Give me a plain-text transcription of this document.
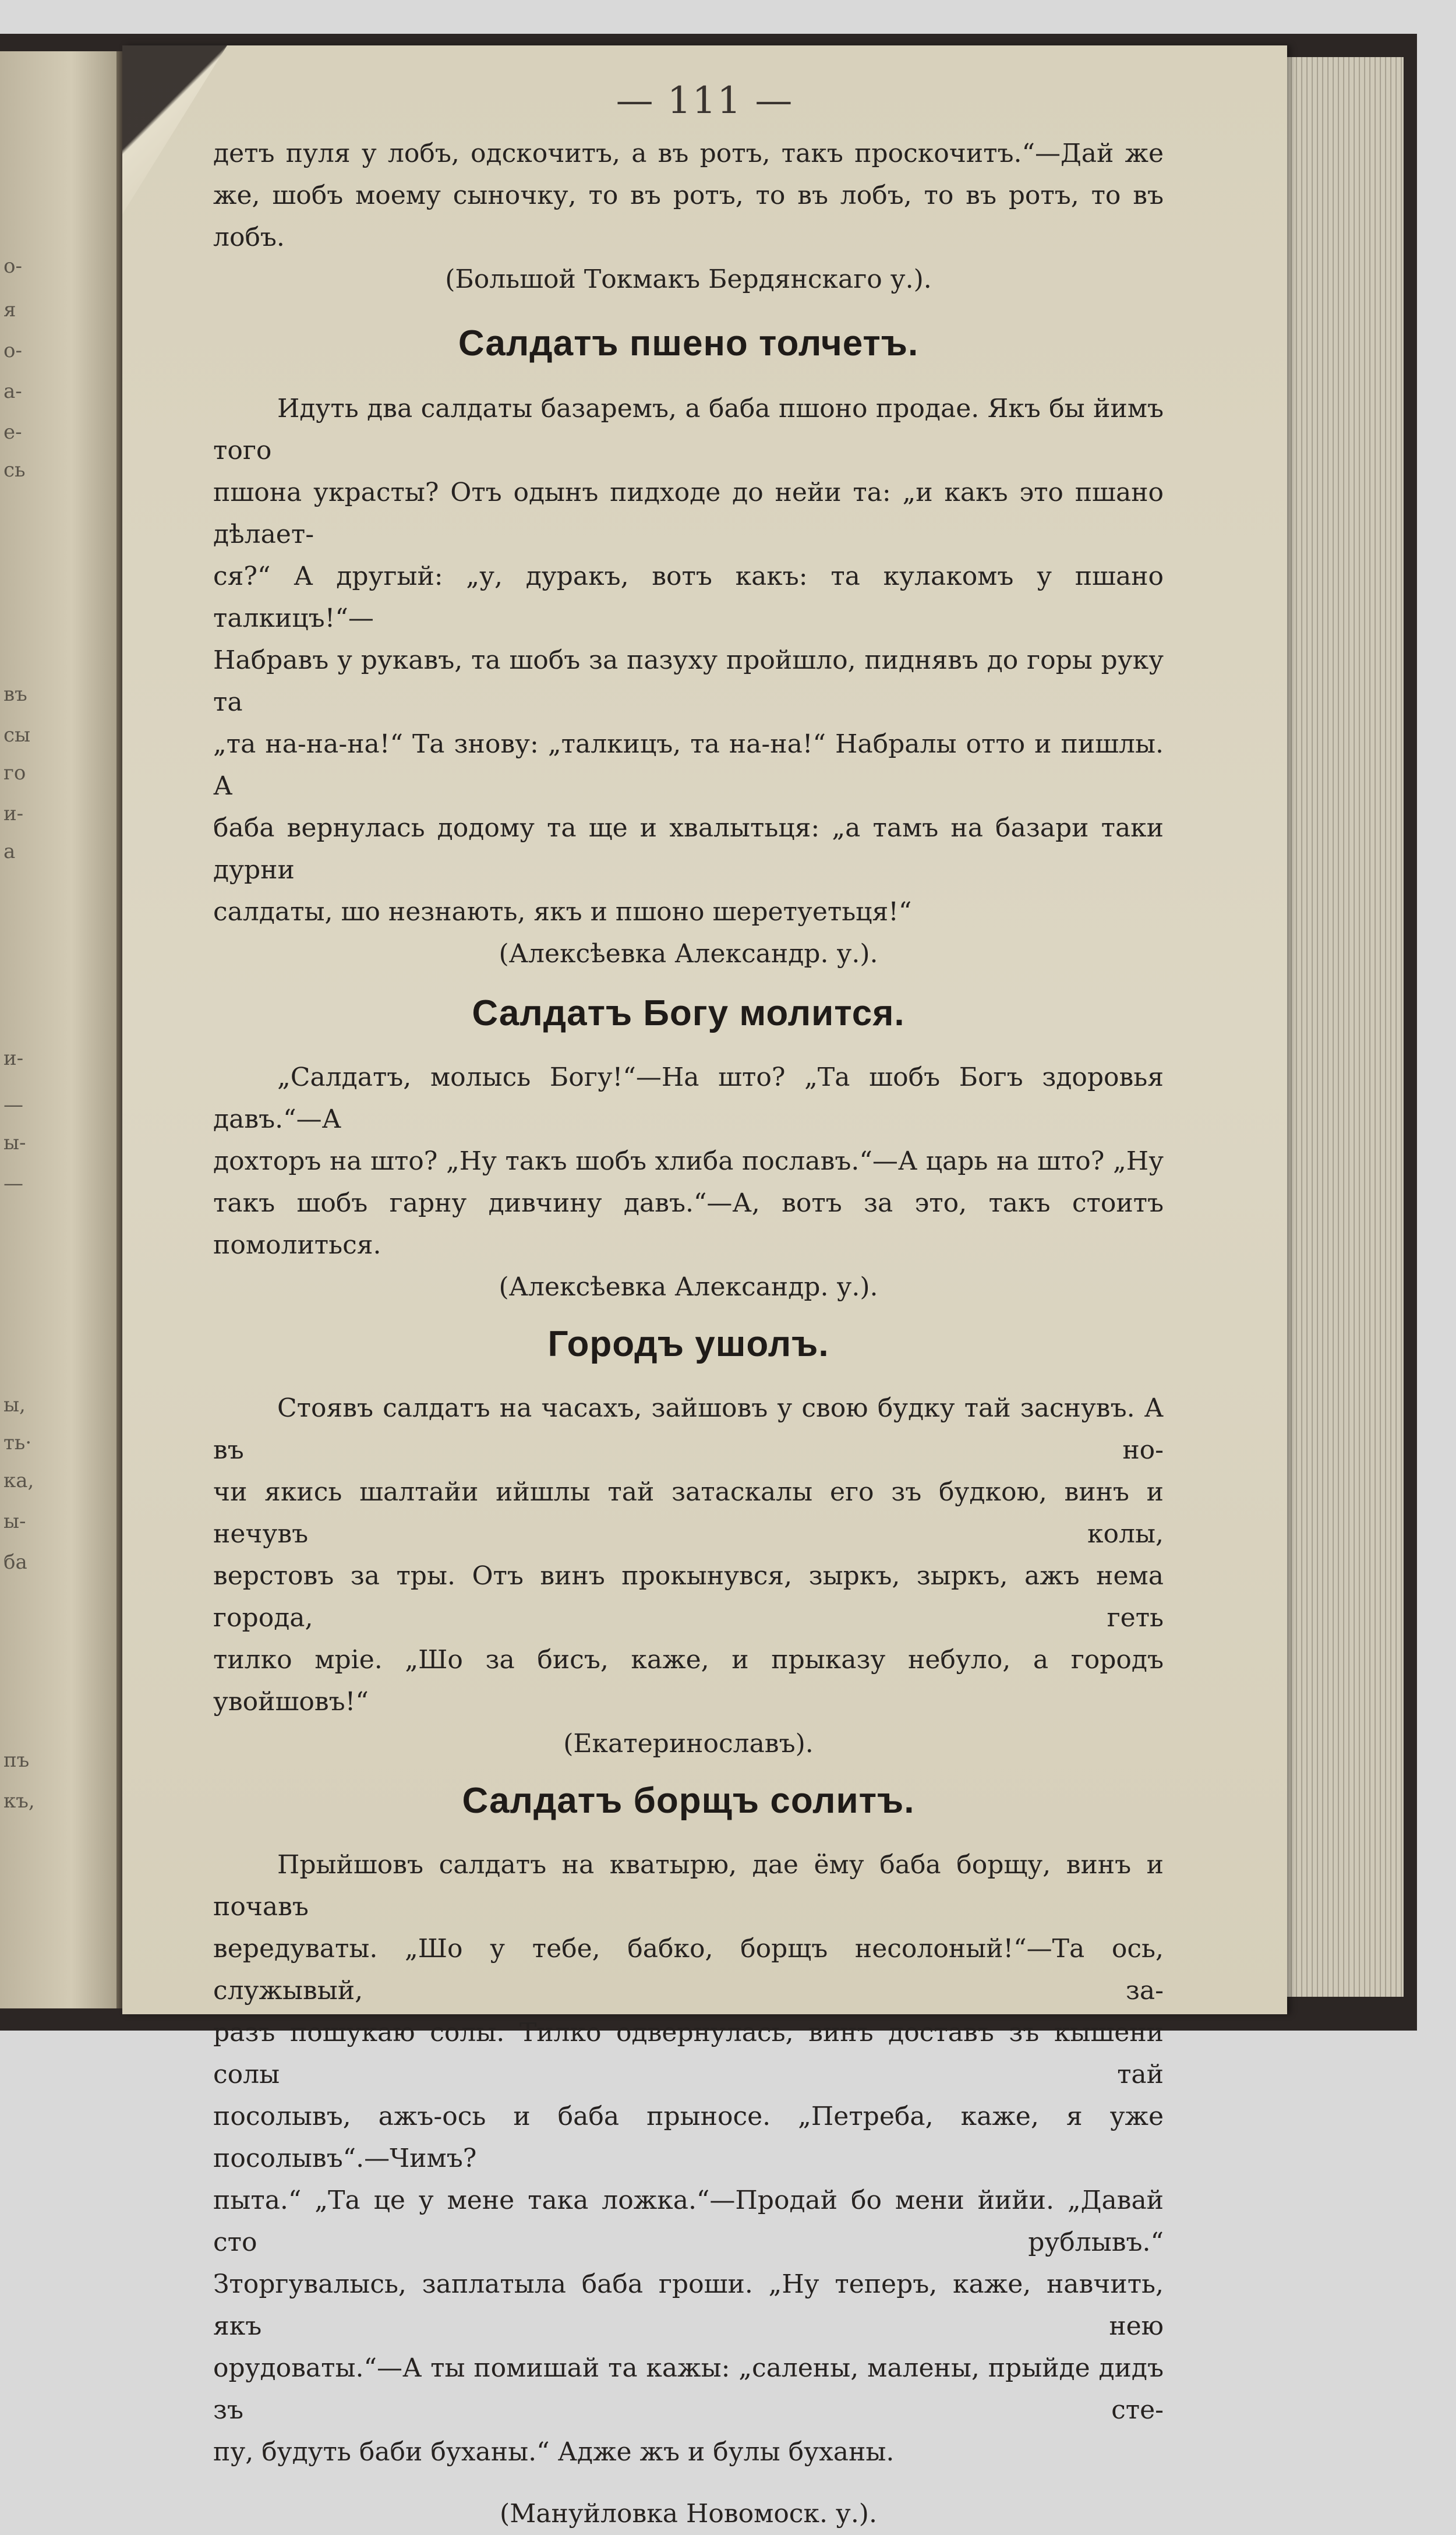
о-
я
о-
а-
е-
сь
въ
сы
го
и-
а
и-
—
ы-
—
ы,
ть·
ка,
ы-
ба
пъ
къ,
— 111 —

детъ пуля у лобъ, одскочитъ, а въ ротъ, такъ проскочитъ.“—Дай же
же, шобъ моему сыночку, то въ ротъ, то въ лобъ, то въ ротъ, то въ лобъ.

(Большой Токмакъ Бердянскаго у.).

Салдатъ пшено толчетъ.

Идуть два салдаты базаремъ, а баба пшоно продае. Якъ бы йимъ того
пшона украсты? Отъ одынъ пидходе до нейи та: „и какъ это пшано дѣлает-
ся?“ А другый: „у, дуракъ, вотъ какъ: та кулакомъ у пшано талкицъ!“—
Набравъ у рукавъ, та шобъ за пазуху пройшло, пиднявъ до горы руку та
„та на-на-на!“ Та знову: „талкицъ, та на-на!“ Набралы отто и пишлы. А
баба вернулась додому та ще и хвалытьця: „а тамъ на базари таки дурни
салдаты, шо незнають, якъ и пшоно шеретуетьця!“

(Алексѣевка Александр. у.).

Салдатъ Богу молится.

„Салдатъ, молысь Богу!“—На што? „Та шобъ Богъ здоровья давъ.“—А
дохторъ на што? „Ну такъ шобъ хлиба пославъ.“—А царь на што? „Ну
такъ шобъ гарну дивчину давъ.“—А, вотъ за это, такъ стоитъ помолиться.

(Алексѣевка Александр. у.).

Городъ ушолъ.

Стоявъ салдатъ на часахъ, зайшовъ у свою будку тай заснувъ. А въ но-
чи якись шалтайи ийшлы тай затаскалы его зъ будкою, винъ и нечувъ колы,
верстовъ за тры. Отъ винъ прокынувся, зыркъ, зыркъ, ажъ нема города, геть
тилко мріе. „Шо за бисъ, каже, и прыказу небуло, а городъ увойшовъ!“

(Екатеринославъ).

Салдатъ борщъ солитъ.

Прыйшовъ салдатъ на кватырю, дае ёму баба борщу, винъ и почавъ
вередуваты. „Шо у тебе, бабко, борщъ несолоный!“—Та ось, служывый, за-
разъ пошукаю солы. Тилко одвернулась, винъ доставъ зъ кышени солы тай
посолывъ, ажъ-ось и баба прыносе. „Петреба, каже, я уже посолывъ“.—Чимъ?
пыта.“ „Та це у мене така ложка.“—Продай бо мени йийи. „Давай сто рублывъ.“
Зторгувалысь, заплатыла баба гроши. „Ну теперъ, каже, навчить, якъ нею
орудоваты.“—А ты помишай та кажы: „салены, малены, прыйде дидъ зъ сте-
пу, будуть баби буханы.“ Адже жъ и булы буханы.

(Мануйловка Новомоск. у.).
